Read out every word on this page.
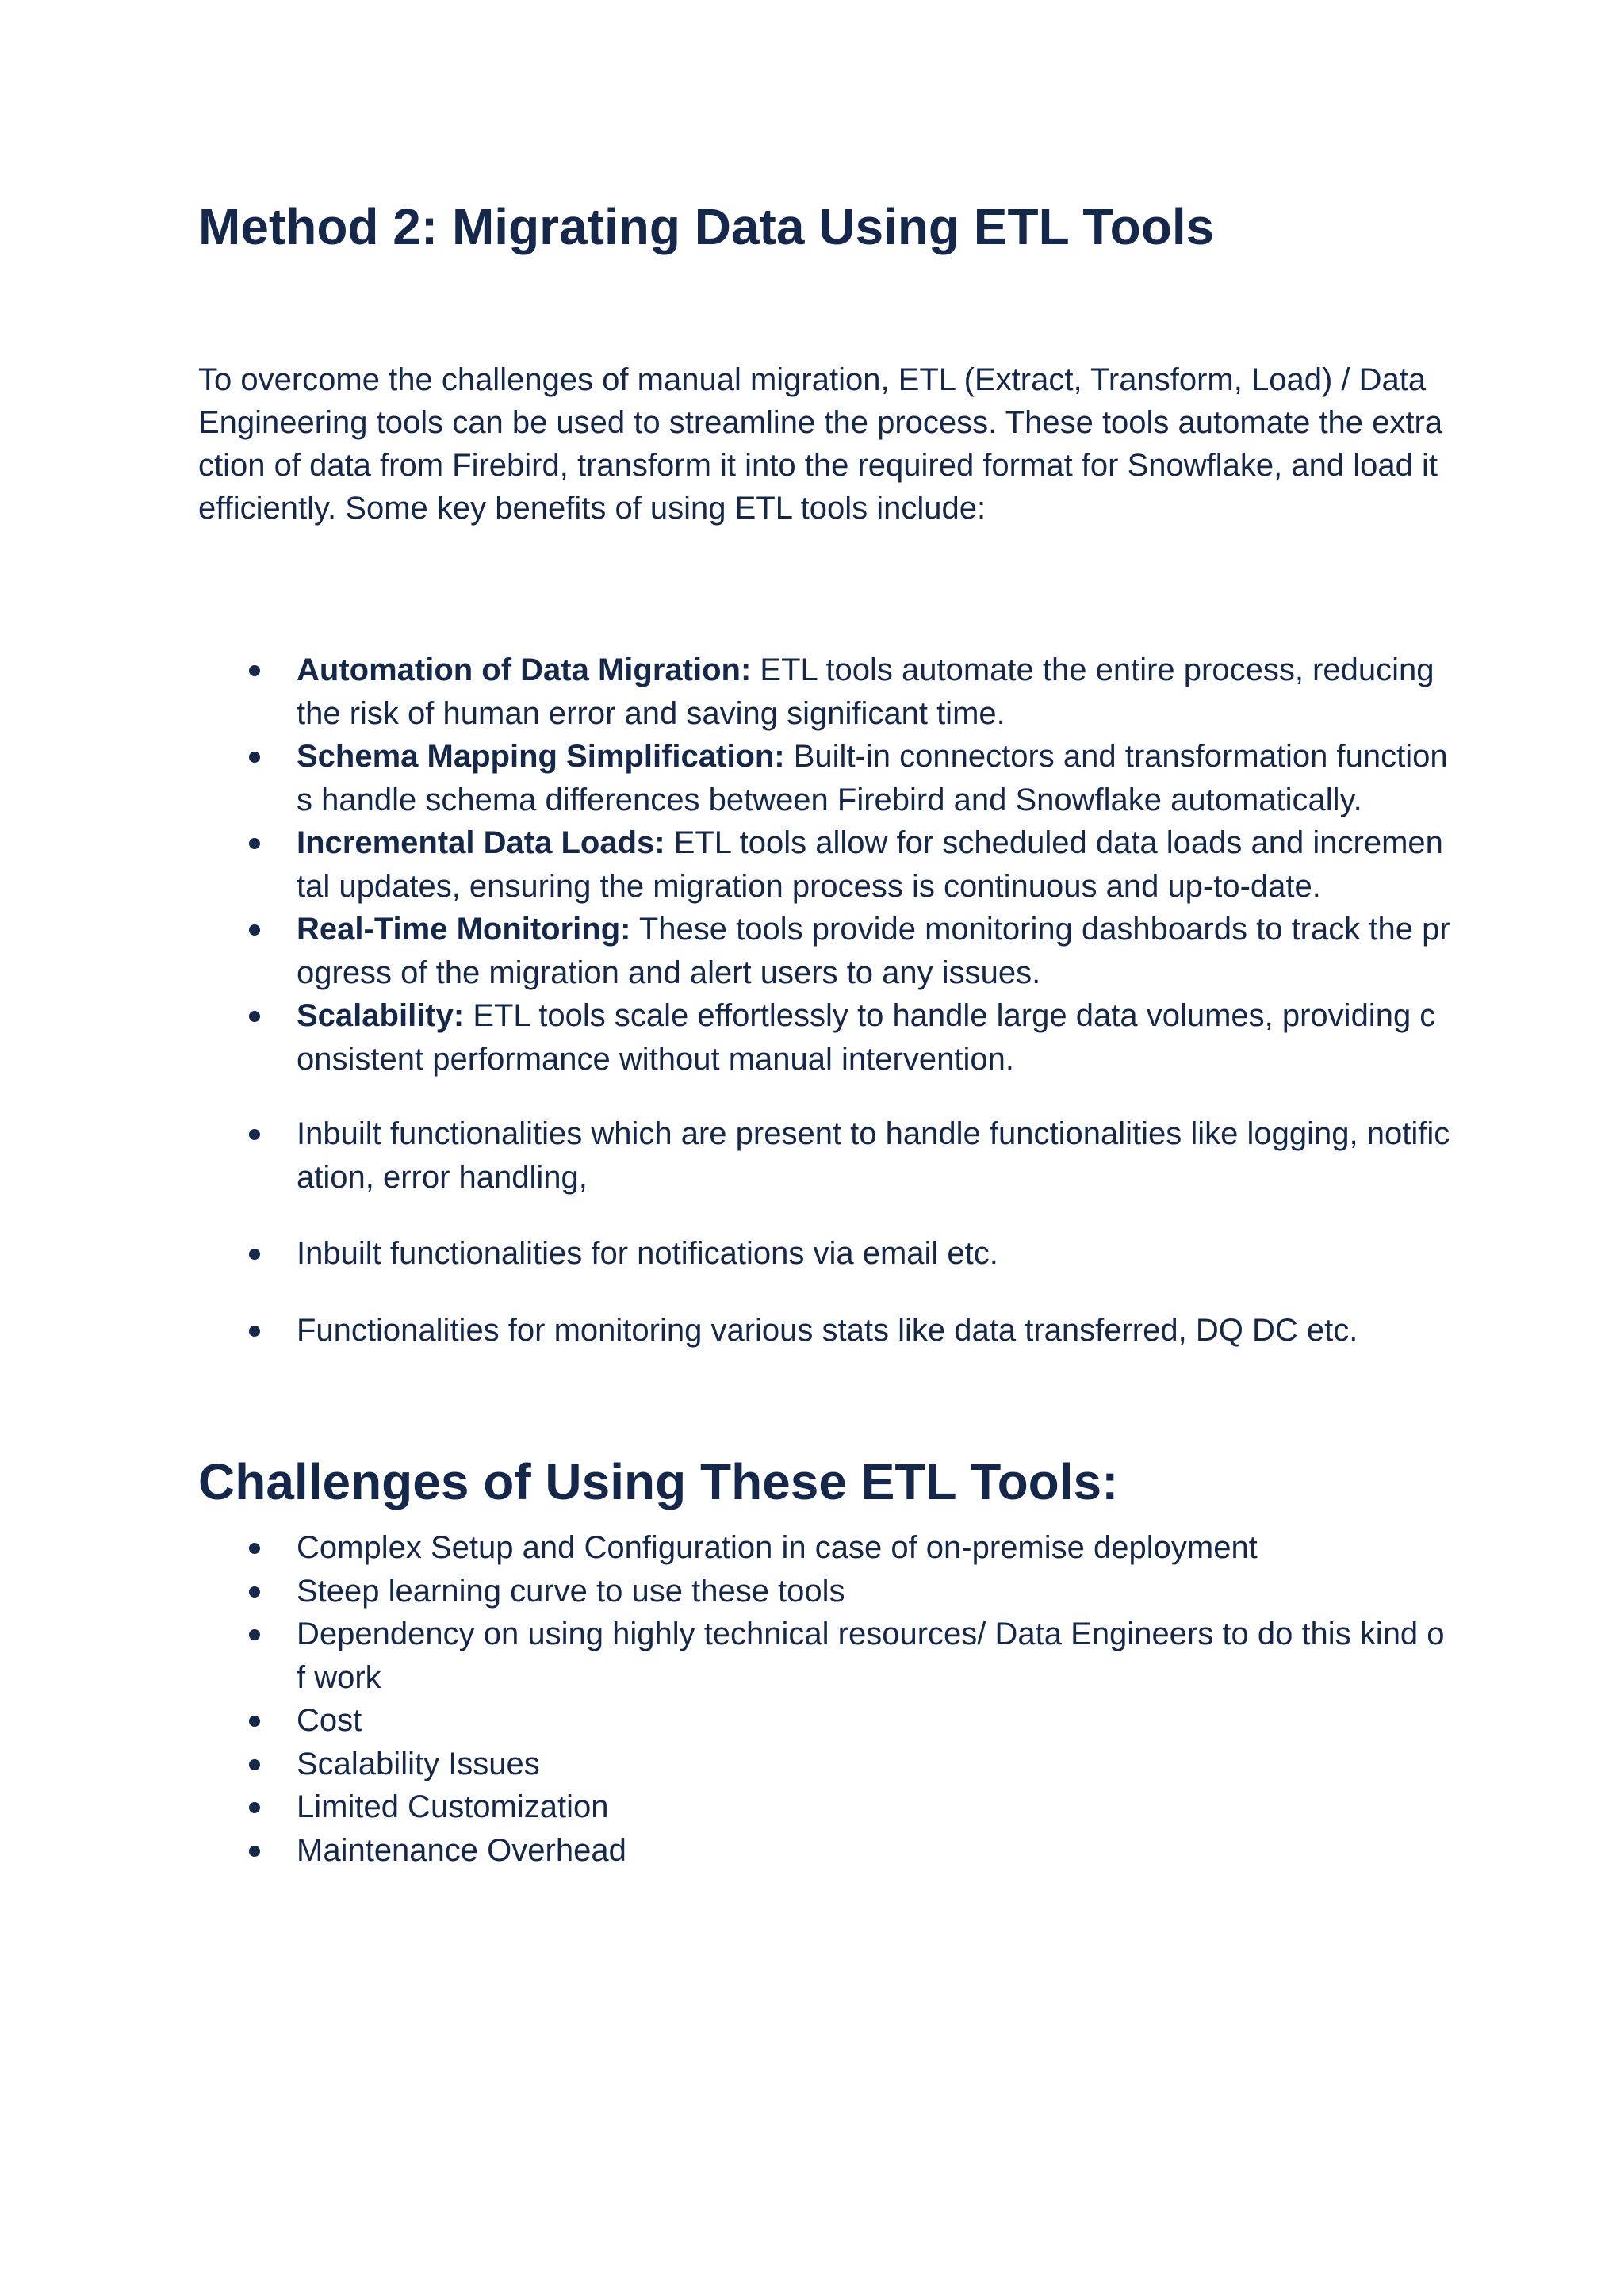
Method 2: Migrating Data Using ETL Tools

To overcome the challenges of manual migration, ETL (Extract, Transform, Load) / Data Engineering tools can be used to streamline the process. These tools automate the extraction of data from Firebird, transform it into the required format for Snowflake, and load it efficiently. Some key benefits of using ETL tools include:

Automation of Data Migration: ETL tools automate the entire process, reducing the risk of human error and saving significant time.
Schema Mapping Simplification: Built-in connectors and transformation functions handle schema differences between Firebird and Snowflake automatically.
Incremental Data Loads: ETL tools allow for scheduled data loads and incremental updates, ensuring the migration process is continuous and up-to-date.
Real-Time Monitoring: These tools provide monitoring dashboards to track the progress of the migration and alert users to any issues.
Scalability: ETL tools scale effortlessly to handle large data volumes, providing consistent performance without manual intervention.
Inbuilt functionalities which are present to handle functionalities like logging, notification, error handling,
Inbuilt functionalities for notifications via email etc.
Functionalities for monitoring various stats like data transferred, DQ DC etc.
Challenges of Using These ETL Tools:
Complex Setup and Configuration in case of on-premise deployment
Steep learning curve to use these tools
Dependency on using highly technical resources/ Data Engineers to do this kind of work
Cost
Scalability Issues
Limited Customization
Maintenance Overhead
